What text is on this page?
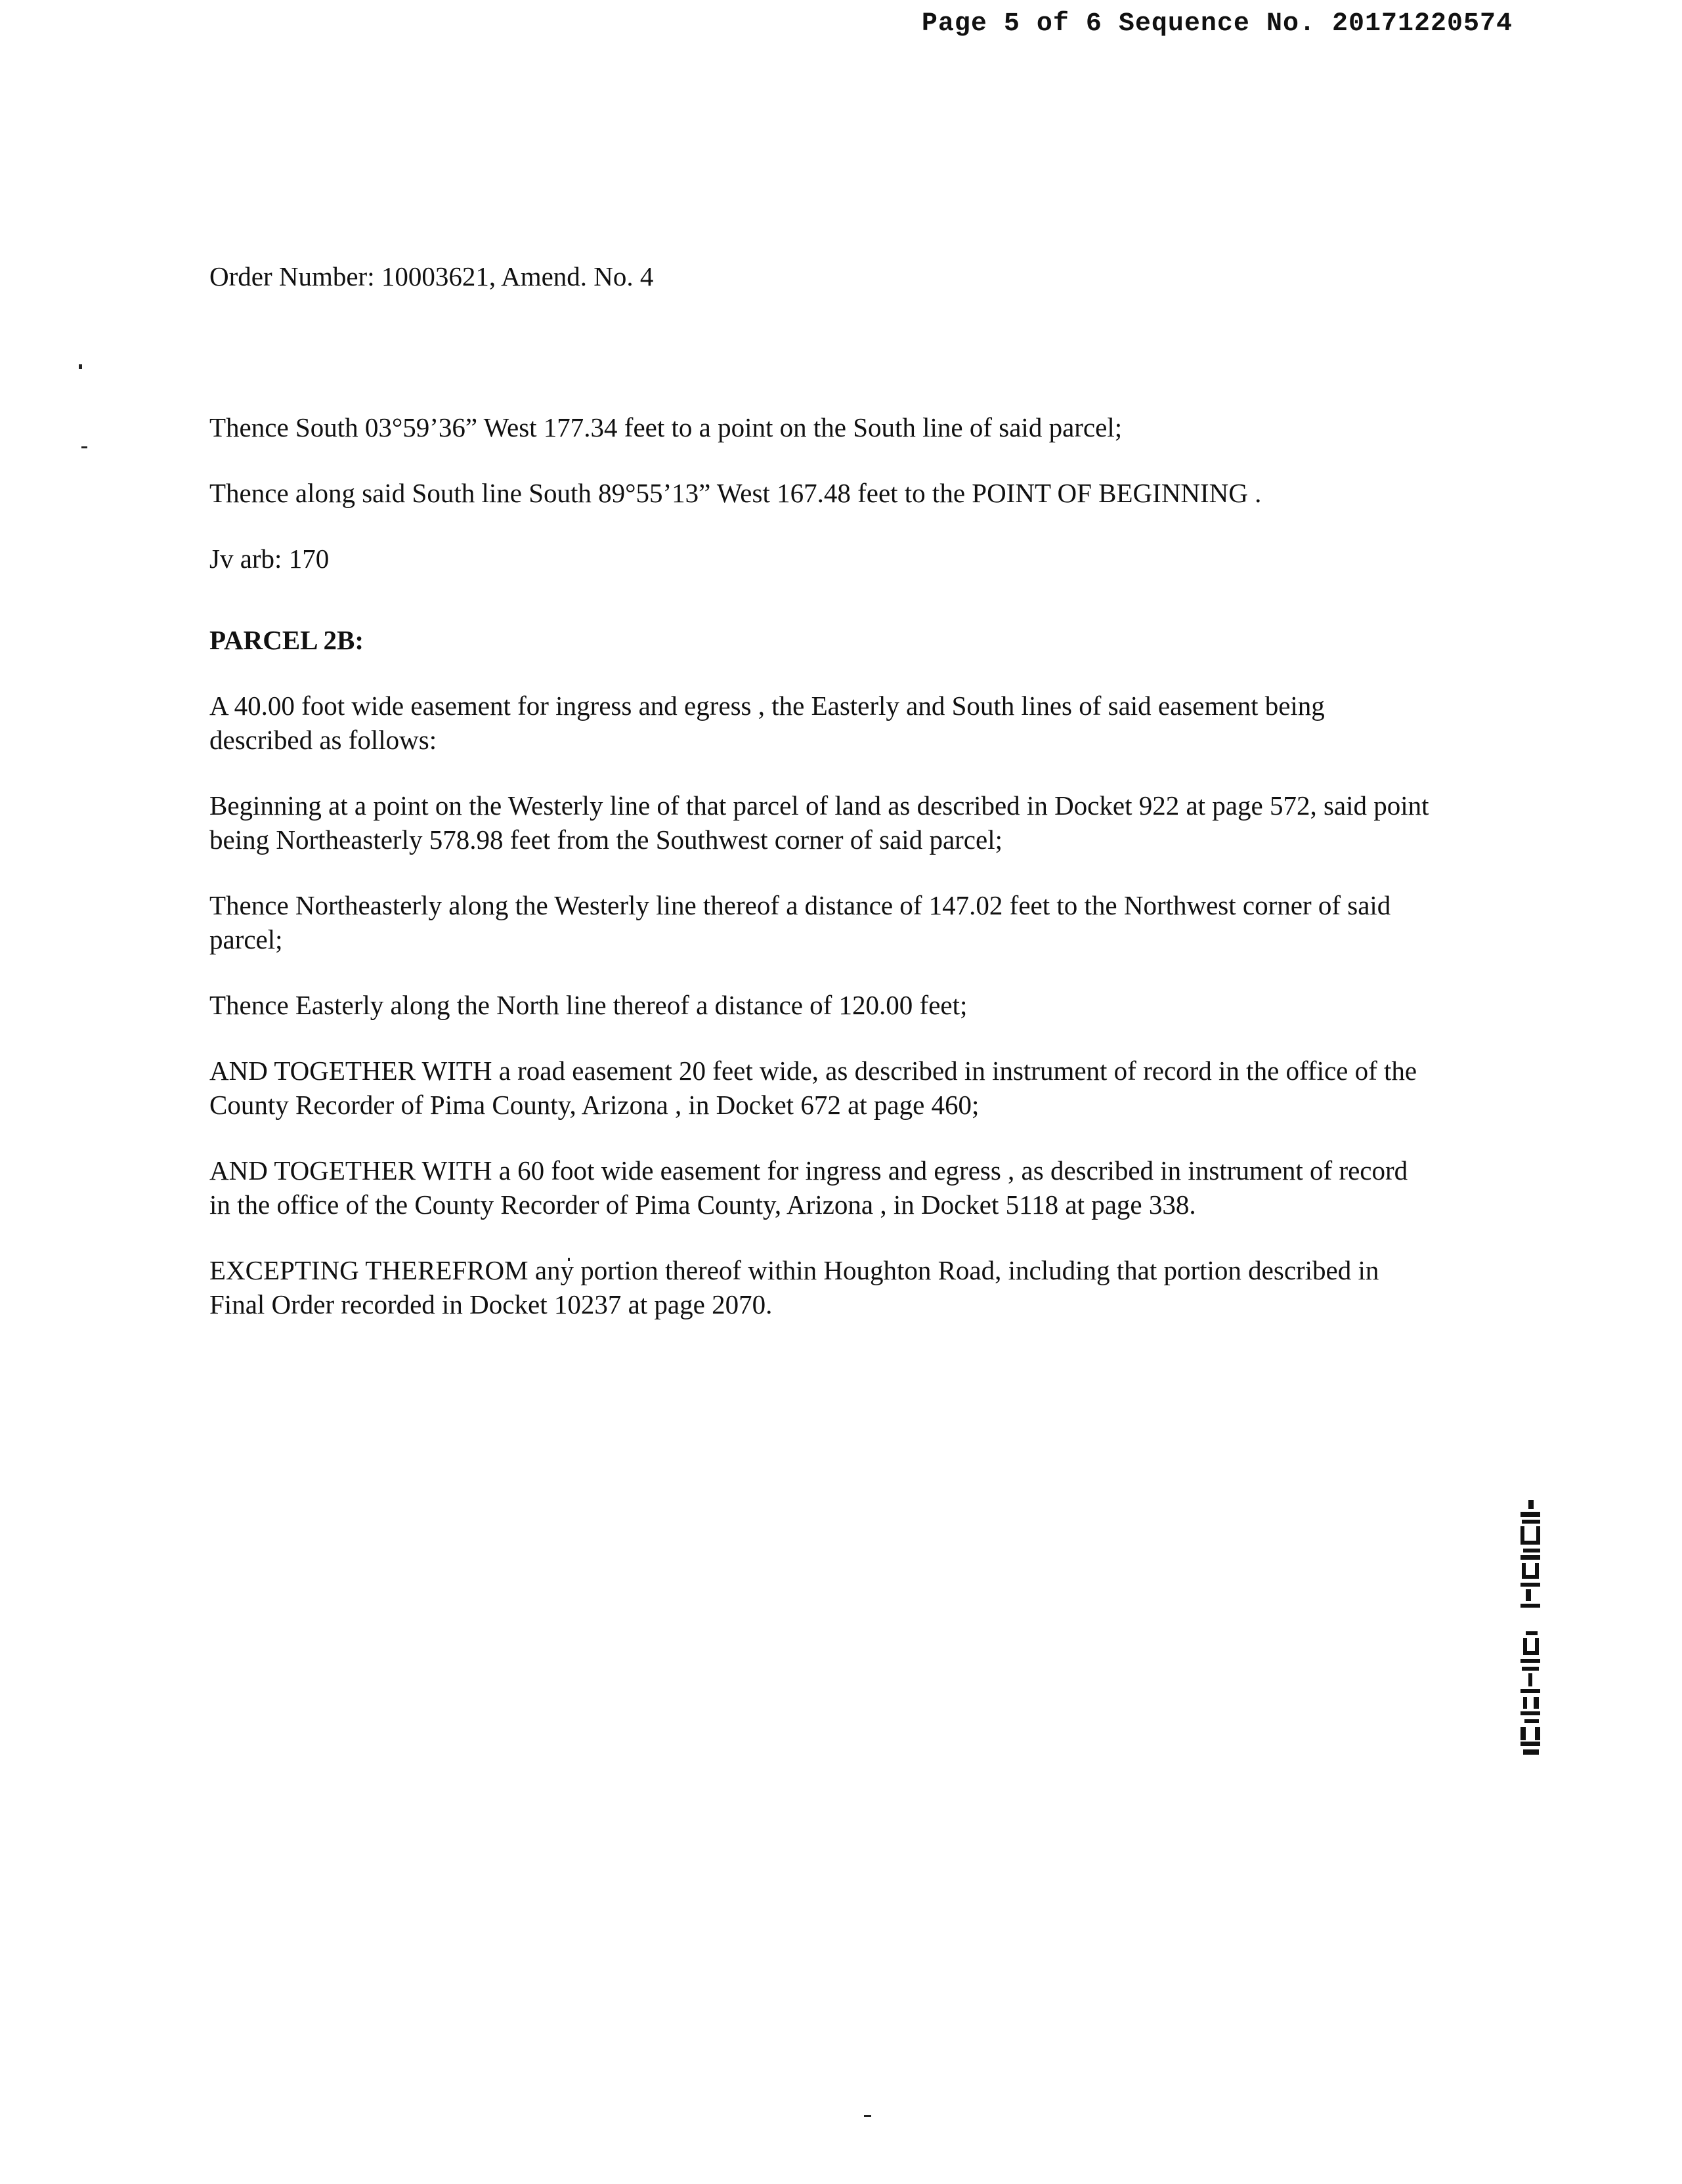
Page 5 of 6 Sequence No. 20171220574
Order Number: 10003621, Amend. No. 4

Thence South 03°59’36” West 177.34 feet to a point on the South line of said parcel;

Thence along said South line South 89°55’13” West 167.48 feet to the POINT OF BEGINNING .

Jv arb: 170

PARCEL 2B:

A 40.00 foot wide easement for ingress and egress , the Easterly and South lines of said easement being described as follows:

Beginning at a point on the Westerly line of that parcel of land as described in Docket 922 at page 572, said point being Northeasterly 578.98 feet from the Southwest corner of said parcel;

Thence Northeasterly along the Westerly line thereof a distance of 147.02 feet to the Northwest corner of said parcel;

Thence Easterly along the North line thereof a distance of 120.00 feet;

AND TOGETHER WITH a road easement 20 feet wide, as described in instrument of record in the office of the County Recorder of Pima County, Arizona , in Docket 672 at page 460;

AND TOGETHER WITH a 60 foot wide easement for ingress and egress , as described in instrument of record in the office of the County Recorder of Pima County, Arizona , in Docket 5118 at page 338.

EXCEPTING THEREFROM any portion thereof within Houghton Road, including that portion described in Final Order recorded in Docket 10237 at page 2070.
